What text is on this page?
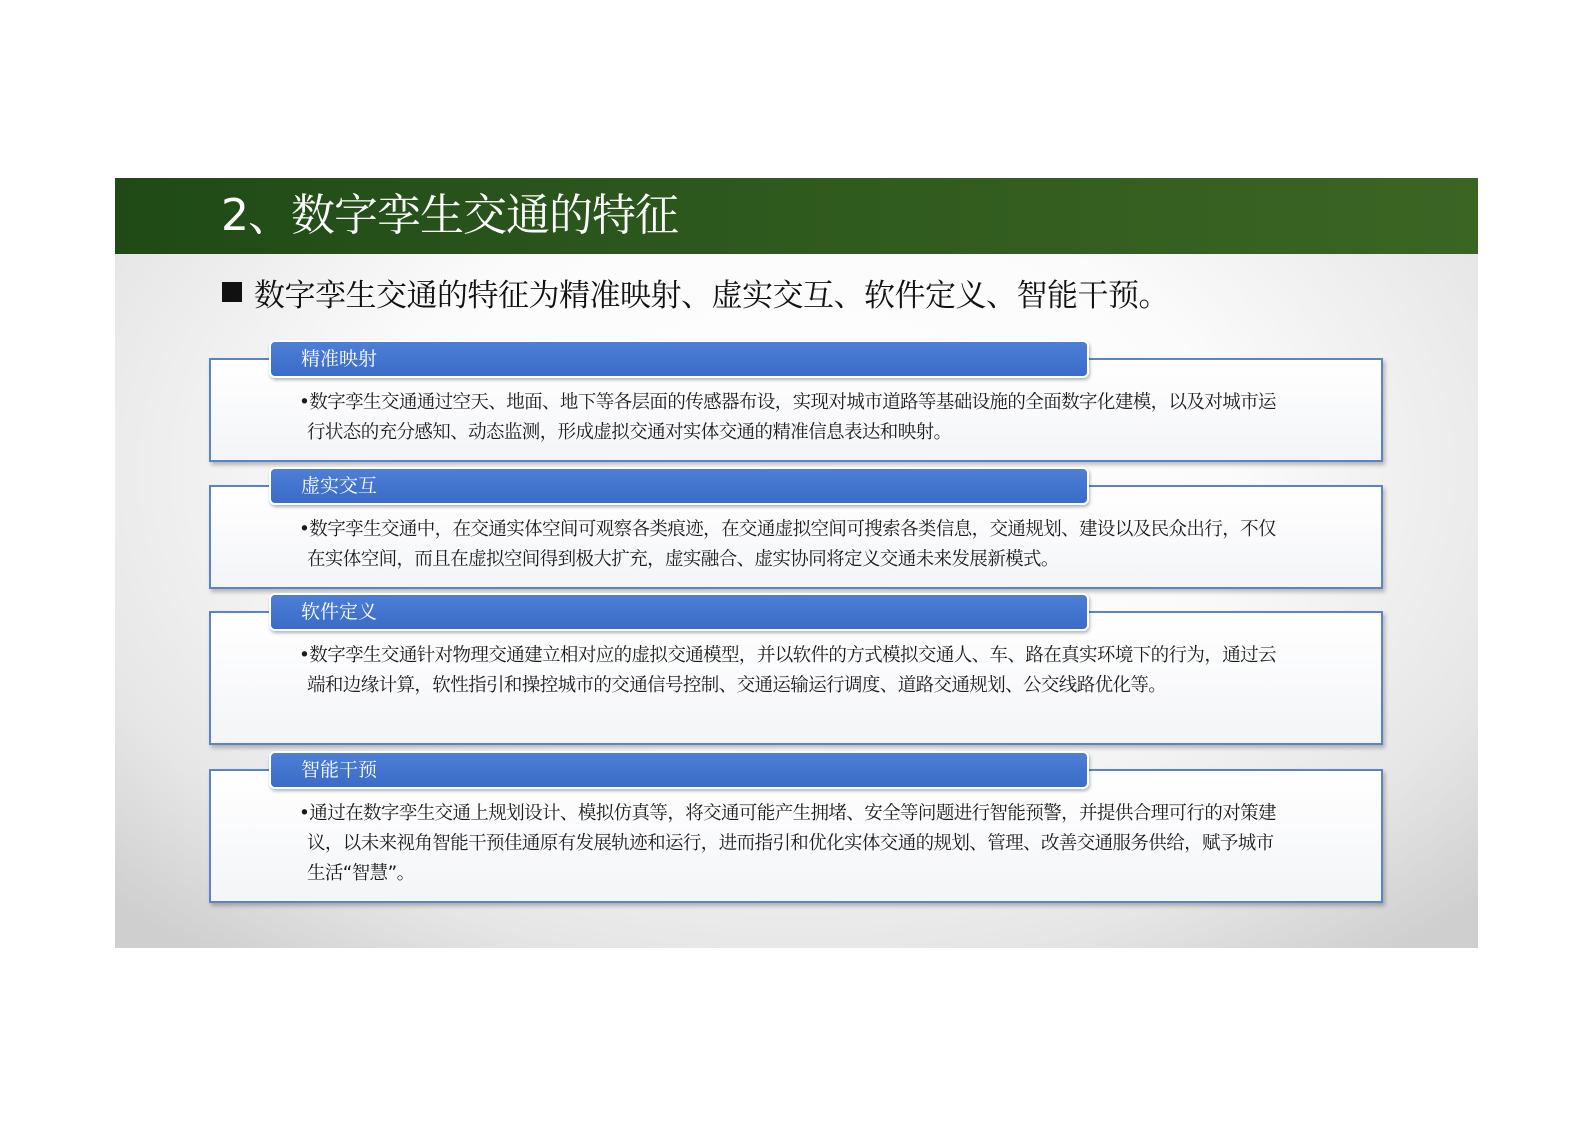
2、数字孪生交通的特征
数字孪生交通的特征为精准映射、虚实交互、软件定义、智能干预。
精准映射
•数字孪生交通通过空天、地面、地下等各层面的传感器布设，实现对城市道路等基础设施的全面数字化建模，以及对城市运行状态的充分感知、动态监测，形成虚拟交通对实体交通的精准信息表达和映射。
虚实交互
•数字孪生交通中，在交通实体空间可观察各类痕迹，在交通虚拟空间可搜索各类信息，交通规划、建设以及民众出行，不仅在实体空间，而且在虚拟空间得到极大扩充，虚实融合、虚实协同将定义交通未来发展新模式。
软件定义
•数字孪生交通针对物理交通建立相对应的虚拟交通模型，并以软件的方式模拟交通人、车、路在真实环境下的行为，通过云端和边缘计算，软性指引和操控城市的交通信号控制、交通运输运行调度、道路交通规划、公交线路优化等。
智能干预
•通过在数字孪生交通上规划设计、模拟仿真等，将交通可能产生拥堵、安全等问题进行智能预警，并提供合理可行的对策建议，以未来视角智能干预佳通原有发展轨迹和运行，进而指引和优化实体交通的规划、管理、改善交通服务供给，赋予城市生活“智慧”。
